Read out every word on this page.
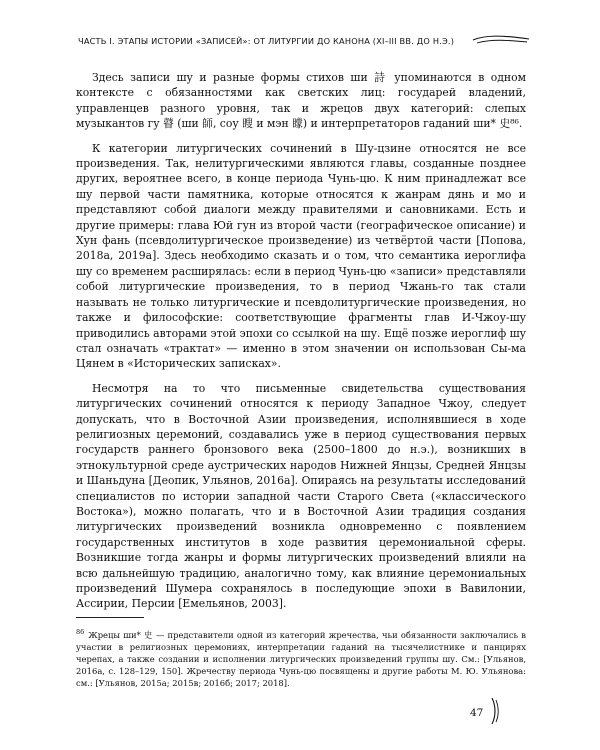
ЧАСТЬ I. ЭТАПЫ ИСТОРИИ «ЗАПИСЕЙ»: ОТ ЛИТУРГИИ ДО КАНОНА (XI–III ВВ. ДО Н.Э.)

Здесь записи шу и разные формы стихов ши 詩 упоминаются в одном контексте с обязанностями как светских лиц: государей владений, управленцев разного уровня, так и жрецов двух категорий: слепых музыкантов гу 瞽 (ши 師, соу 瞍 и мэн 矇) и интерпретаторов гаданий ши* 史⁸⁶.

К категории литургических сочинений в Шу-цзине относятся не все произведения. Так, нелитургическими являются главы, созданные позднее других, вероятнее всего, в конце периода Чунь-цю. К ним принадлежат все шу первой части памятника, которые относятся к жанрам дянь и мо и представляют собой диалоги между правителями и сановниками. Есть и другие примеры: глава Юй гун из второй части (географическое описание) и Хун фань (псевдолитургическое произведение) из четвёртой части [Попова, 2018а, 2019а]. Здесь необходимо сказать и о том, что семантика иероглифа шу со временем расширялась: если в период Чунь-цю «записи» представляли собой литургические произведения, то в период Чжань-го так стали называть не только литургические и псевдолитургические произведения, но также и философские: соответствующие фрагменты глав И-Чжоу-шу приводились авторами этой эпохи со ссылкой на шу. Ещё позже иероглиф шу стал означать «трактат» — именно в этом значении он использован Сы-ма Цянем в «Исторических записках».

Несмотря на то что письменные свидетельства существования литургических сочинений относятся к периоду Западное Чжоу, следует допускать, что в Восточной Азии произведения, исполнявшиеся в ходе религиозных церемоний, создавались уже в период существования первых государств раннего бронзового века (2500–1800 до н.э.), возникших в этнокультурной среде аустрических народов Нижней Янцзы, Средней Янцзы и Шаньдуна [Деопик, Ульянов, 2016а]. Опираясь на результаты исследований специалистов по истории западной части Старого Света («классического Востока»), можно полагать, что и в Восточной Азии традиция создания литургических произведений возникла одновременно с появлением государственных институтов в ходе развития церемониальной сферы. Возникшие тогда жанры и формы литургических произведений влияли на всю дальнейшую традицию, аналогично тому, как влияние церемониальных произведений Шумера сохранялось в последующие эпохи в Вавилонии, Ассирии, Персии [Емельянов, 2003].

$^{86}$ Жрецы ши* 史 — представители одной из категорий жречества, чьи обязанности заключались в участии в религиозных церемониях, интерпретации гаданий на тысячелистнике и панцирях черепах, а также создании и исполнении литургических произведений группы шу. См.: [Ульянов, 2016а, с. 128–129, 150]. Жречеству периода Чунь-цю посвящены и другие работы М. Ю. Ульянова: см.: [Ульянов, 2015а; 2015в; 2016б; 2017; 2018].
47
